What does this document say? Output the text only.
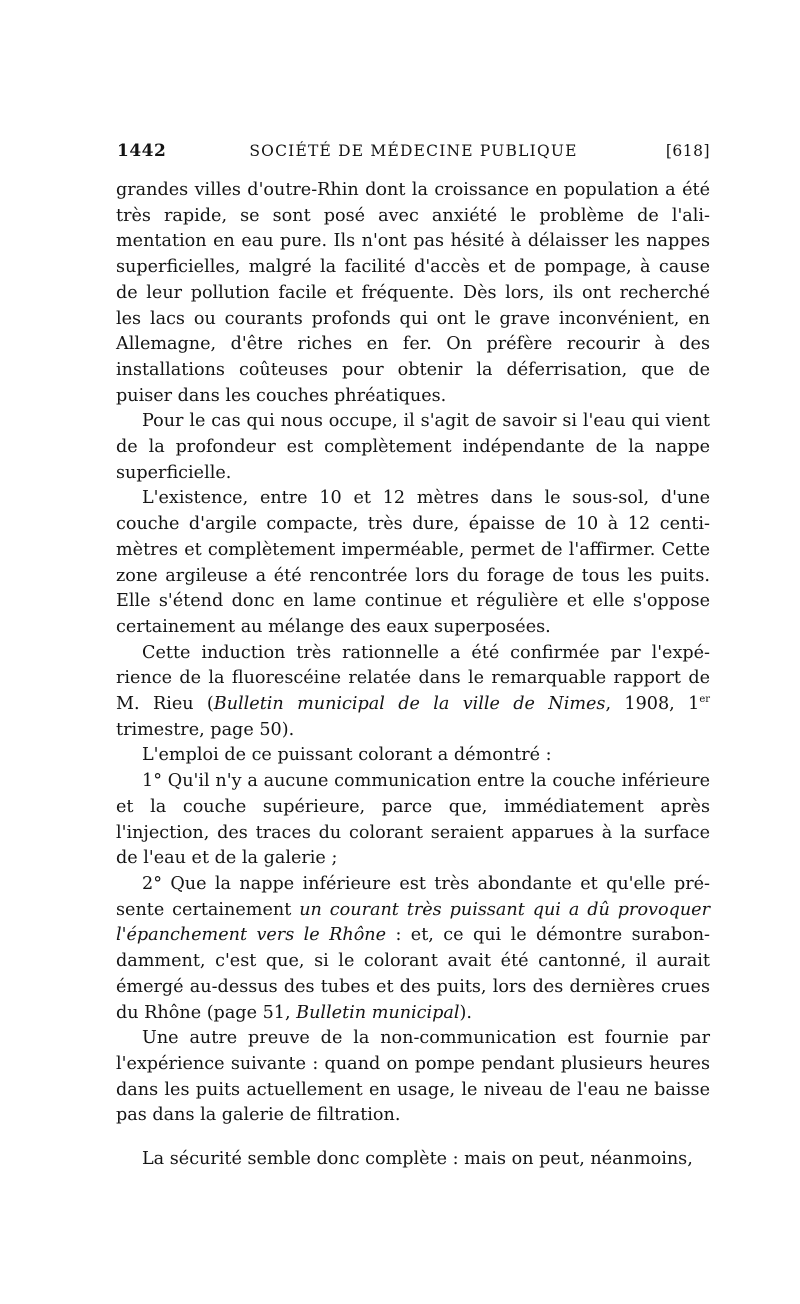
1442	SOCIÉTÉ DE MÉDECINE PUBLIQUE	[618]

grandes villes d'outre-Rhin dont la croissance en population a été très rapide, se sont posé avec anxiété le problème de l'alimentation en eau pure. Ils n'ont pas hésité à délaisser les nappes superficielles, malgré la facilité d'accès et de pompage, à cause de leur pollution facile et fréquente. Dès lors, ils ont recherché les lacs ou courants profonds qui ont le grave inconvénient, en Allemagne, d'être riches en fer. On préfère recourir à des installations coûteuses pour obtenir la déferrisation, que de puiser dans les couches phréatiques.

Pour le cas qui nous occupe, il s'agit de savoir si l'eau qui vient de la profondeur est complètement indépendante de la nappe superficielle.

L'existence, entre 10 et 12 mètres dans le sous-sol, d'une couche d'argile compacte, très dure, épaisse de 10 à 12 centimètres et complètement imperméable, permet de l'affirmer. Cette zone argileuse a été rencontrée lors du forage de tous les puits. Elle s'étend donc en lame continue et régulière et elle s'oppose certainement au mélange des eaux superposées.

Cette induction très rationnelle a été confirmée par l'expérience de la fluorescéine relatée dans le remarquable rapport de M. Rieu (Bulletin municipal de la ville de Nimes, 1908, 1er trimestre, page 50).

L'emploi de ce puissant colorant a démontré :

1° Qu'il n'y a aucune communication entre la couche inférieure et la couche supérieure, parce que, immédiatement après l'injection, des traces du colorant seraient apparues à la surface de l'eau et de la galerie ;

2° Que la nappe inférieure est très abondante et qu'elle présente certainement un courant très puissant qui a dû provoquer l'épanchement vers le Rhône : et, ce qui le démontre surabondamment, c'est que, si le colorant avait été cantonné, il aurait émergé au-dessus des tubes et des puits, lors des dernières crues du Rhône (page 51, Bulletin municipal).

Une autre preuve de la non-communication est fournie par l'expérience suivante : quand on pompe pendant plusieurs heures dans les puits actuellement en usage, le niveau de l'eau ne baisse pas dans la galerie de filtration.

La sécurité semble donc complète : mais on peut, néanmoins,
